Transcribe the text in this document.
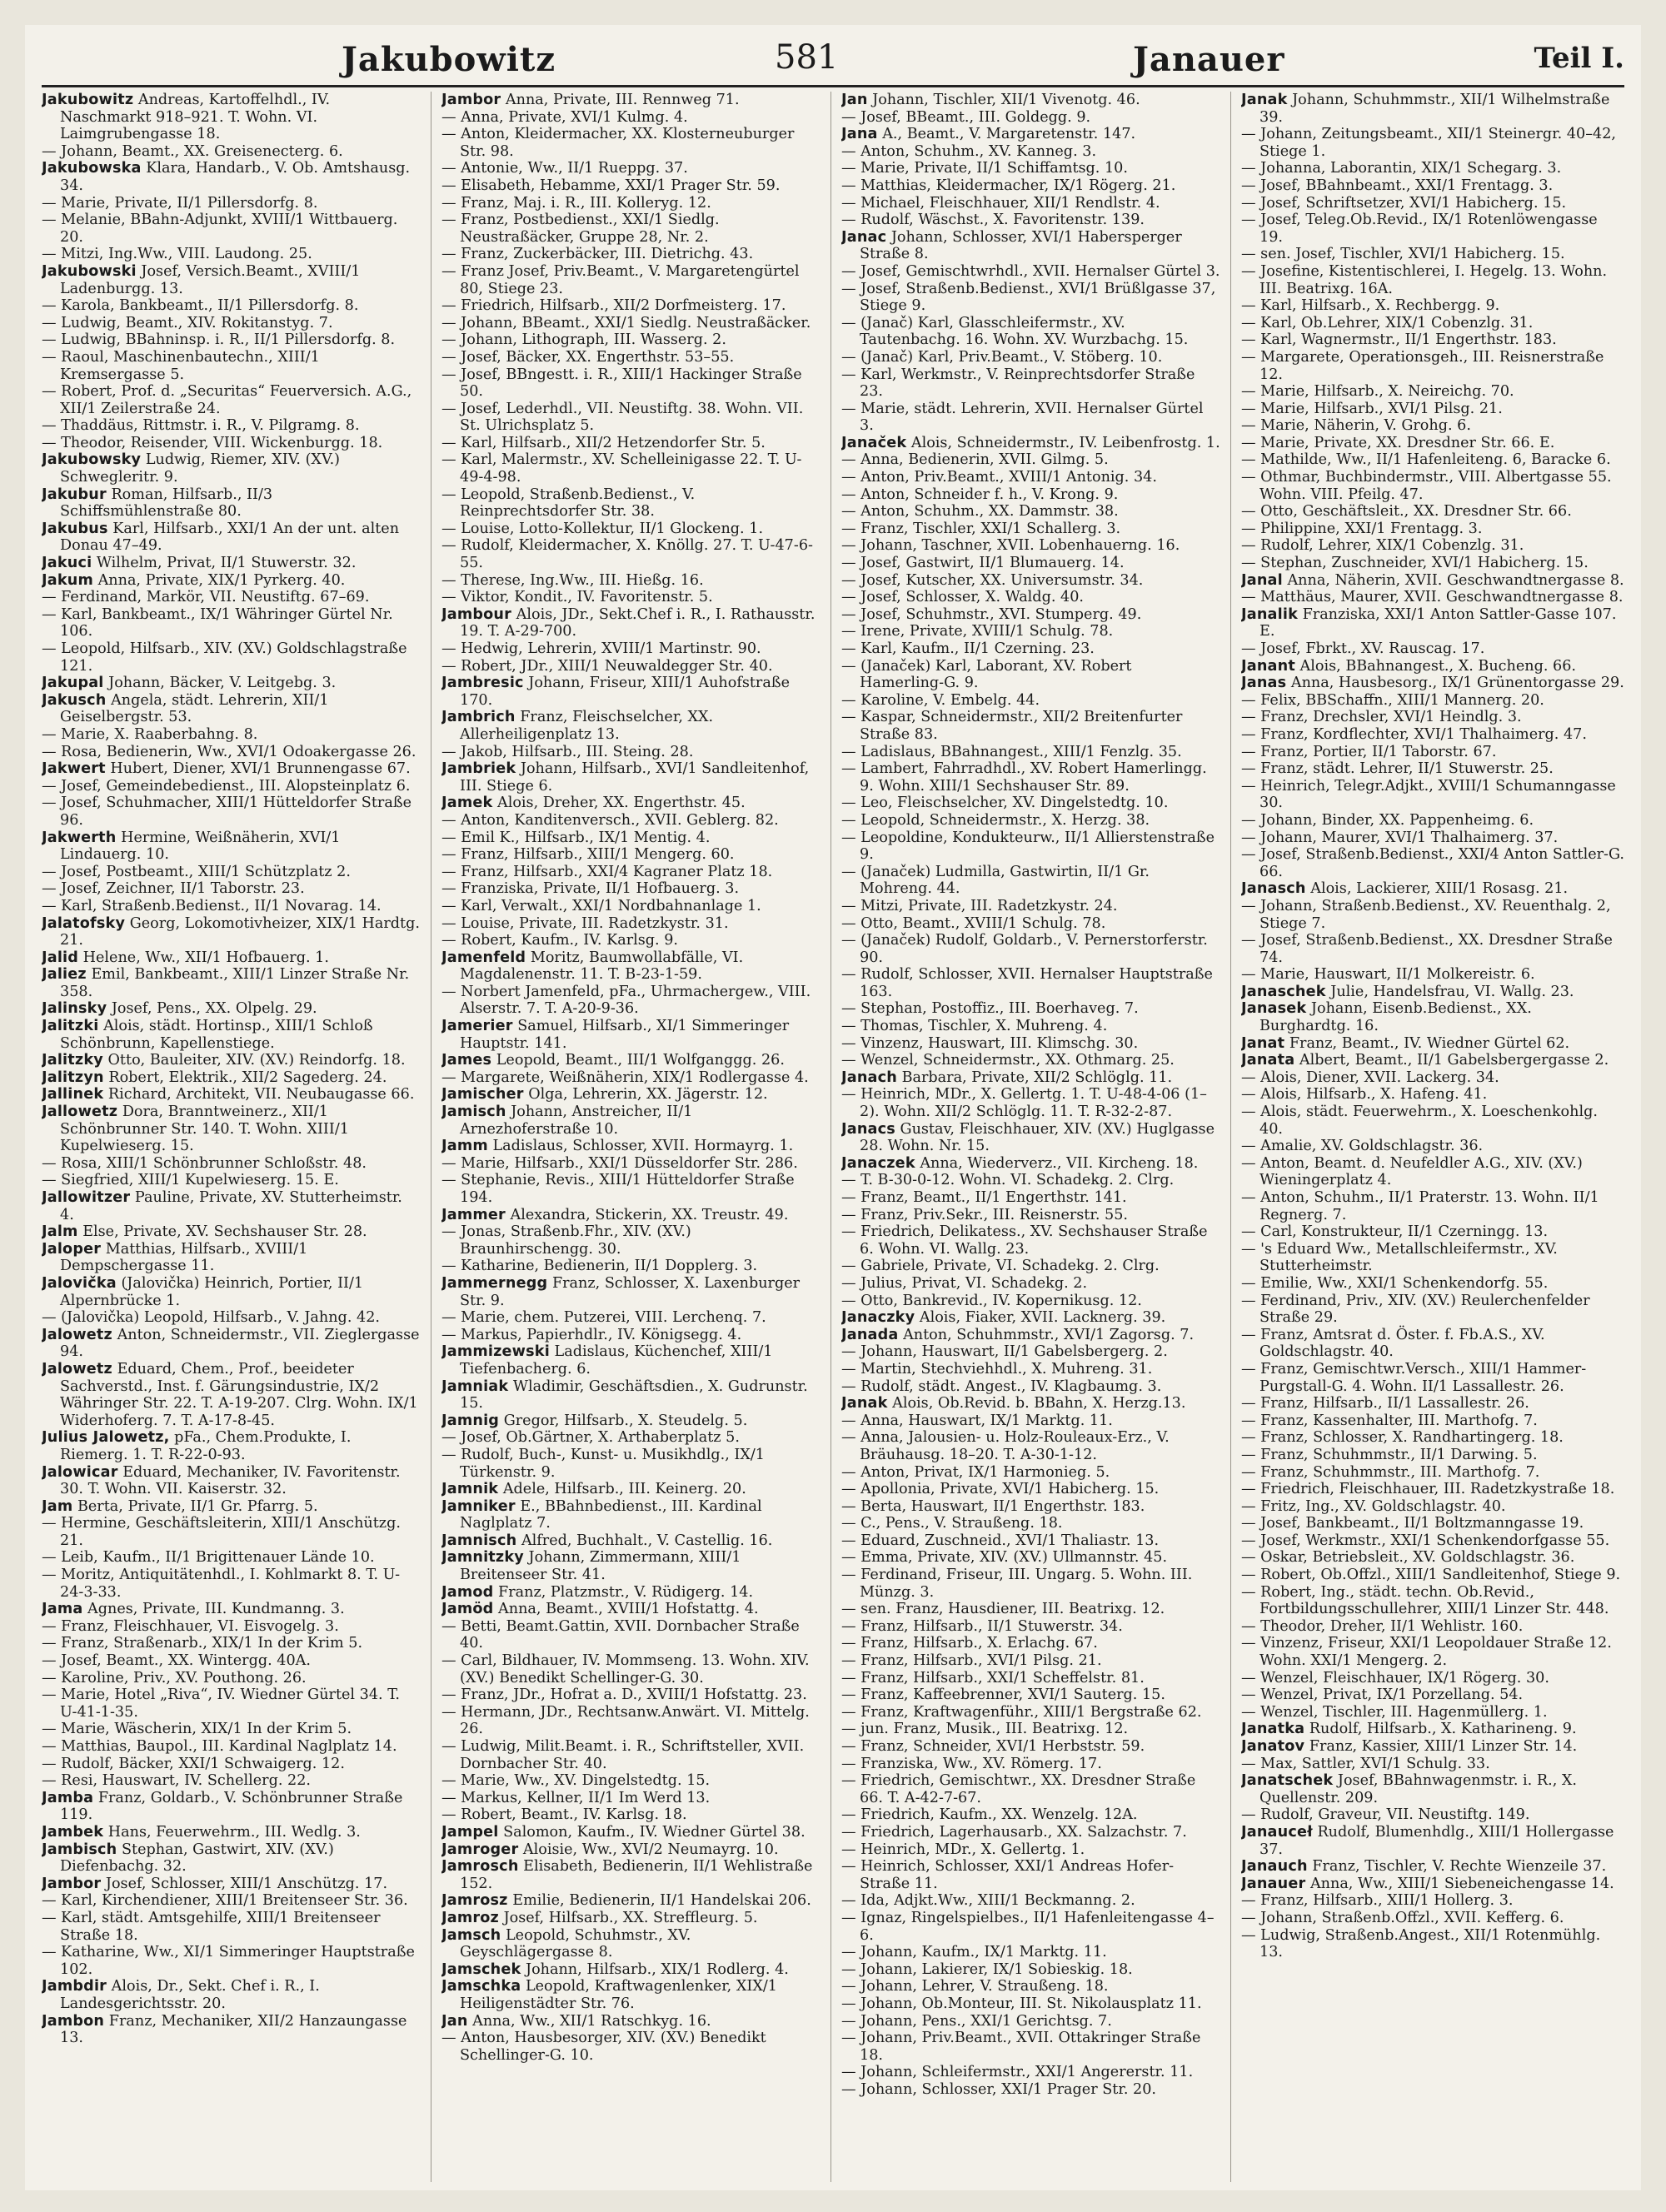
Jakubowitz	581	Janauer	Teil I.

Jakubowitz Andreas, Kartoffelhdl., IV. Naschmarkt 918–921. T. Wohn. VI. Laimgrubengasse 18.

— Johann, Beamt., XX. Greisenecterg. 6.

Jakubowska Klara, Handarb., V. Ob. Amtshausg. 34.

— Marie, Private, II/1 Pillersdorfg. 8.

— Melanie, BBahn-Adjunkt, XVIII/1 Wittbauerg. 20.

— Mitzi, Ing.Ww., VIII. Laudong. 25.

Jakubowski Josef, Versich.Beamt., XVIII/1 Ladenburgg. 13.

— Karola, Bankbeamt., II/1 Pillersdorfg. 8.

— Ludwig, Beamt., XIV. Rokitanstyg. 7.

— Ludwig, BBahninsp. i. R., II/1 Pillersdorfg. 8.

— Raoul, Maschinenbautechn., XIII/1 Kremsergasse 5.

— Robert, Prof. d. „Securitas“ Feuerversich. A.G., XII/1 Zeilerstraße 24.

— Thaddäus, Rittmstr. i. R., V. Pilgramg. 8.

— Theodor, Reisender, VIII. Wickenburgg. 18.

Jakubowsky Ludwig, Riemer, XIV. (XV.) Schwegleritr. 9.

Jakubur Roman, Hilfsarb., II/3 Schiffsmühlenstraße 80.

Jakubus Karl, Hilfsarb., XXI/1 An der unt. alten Donau 47–49.

Jakuci Wilhelm, Privat, II/1 Stuwerstr. 32.

Jakum Anna, Private, XIX/1 Pyrkerg. 40.

— Ferdinand, Markör, VII. Neustiftg. 67–69.

— Karl, Bankbeamt., IX/1 Währinger Gürtel Nr. 106.

— Leopold, Hilfsarb., XIV. (XV.) Goldschlagstraße 121.

Jakupal Johann, Bäcker, V. Leitgebg. 3.

Jakusch Angela, städt. Lehrerin, XII/1 Geiselbergstr. 53.

— Marie, X. Raaberbahng. 8.

— Rosa, Bedienerin, Ww., XVI/1 Odoakergasse 26.

Jakwert Hubert, Diener, XVI/1 Brunnengasse 67.

— Josef, Gemeindebedienst., III. Alopsteinplatz 6.

— Josef, Schuhmacher, XIII/1 Hütteldorfer Straße 96.

Jakwerth Hermine, Weißnäherin, XVI/1 Lindauerg. 10.

— Josef, Postbeamt., XIII/1 Schützplatz 2.

— Josef, Zeichner, II/1 Taborstr. 23.

— Karl, Straßenb.Bedienst., II/1 Novarag. 14.

Jalatofsky Georg, Lokomotivheizer, XIX/1 Hardtg. 21.

Jalid Helene, Ww., XII/1 Hofbauerg. 1.

Jaliez Emil, Bankbeamt., XIII/1 Linzer Straße Nr. 358.

Jalinsky Josef, Pens., XX. Olpelg. 29.

Jalitzki Alois, städt. Hortinsp., XIII/1 Schloß Schönbrunn, Kapellenstiege.

Jalitzky Otto, Bauleiter, XIV. (XV.) Reindorfg. 18.

Jalitzyn Robert, Elektrik., XII/2 Sagederg. 24.

Jallinek Richard, Architekt, VII. Neubaugasse 66.

Jallowetz Dora, Branntweinerz., XII/1 Schönbrunner Str. 140. T. Wohn. XIII/1 Kupelwieserg. 15.

— Rosa, XIII/1 Schönbrunner Schloßstr. 48.

— Siegfried, XIII/1 Kupelwieserg. 15. E.

Jallowitzer Pauline, Private, XV. Stutterheimstr. 4.

Jalm Else, Private, XV. Sechshauser Str. 28.

Jaloper Matthias, Hilfsarb., XVIII/1 Dempschergasse 11.

Jalovička (Jalovička) Heinrich, Portier, II/1 Alpernbrücke 1.

— (Jalovička) Leopold, Hilfsarb., V. Jahng. 42.

Jalowetz Anton, Schneidermstr., VII. Zieglergasse 94.

Jalowetz Eduard, Chem., Prof., beeideter Sachverstd., Inst. f. Gärungsindustrie, IX/2 Währinger Str. 22. T. A-19-207. Clrg. Wohn. IX/1 Widerhoferg. 7. T. A-17-8-45.

Julius Jalowetz, pFa., Chem.Produkte, I. Riemerg. 1. T. R-22-0-93.

Jalowicar Eduard, Mechaniker, IV. Favoritenstr. 30. T. Wohn. VII. Kaiserstr. 32.

Jam Berta, Private, II/1 Gr. Pfarrg. 5.

— Hermine, Geschäftsleiterin, XIII/1 Anschützg. 21.

— Leib, Kaufm., II/1 Brigittenauer Lände 10.

— Moritz, Antiquitätenhdl., I. Kohlmarkt 8. T. U-24-3-33.

Jama Agnes, Private, III. Kundmanng. 3.

— Franz, Fleischhauer, VI. Eisvogelg. 3.

— Franz, Straßenarb., XIX/1 In der Krim 5.

— Josef, Beamt., XX. Wintergg. 40A.

— Karoline, Priv., XV. Pouthong. 26.

— Marie, Hotel „Riva“, IV. Wiedner Gürtel 34. T. U-41-1-35.

— Marie, Wäscherin, XIX/1 In der Krim 5.

— Matthias, Baupol., III. Kardinal Naglplatz 14.

— Rudolf, Bäcker, XXI/1 Schwaigerg. 12.

— Resi, Hauswart, IV. Schellerg. 22.

Jamba Franz, Goldarb., V. Schönbrunner Straße 119.

Jambek Hans, Feuerwehrm., III. Wedlg. 3.

Jambisch Stephan, Gastwirt, XIV. (XV.) Diefenbachg. 32.

Jambor Josef, Schlosser, XIII/1 Anschützg. 17.

— Karl, Kirchendiener, XIII/1 Breitenseer Str. 36.

— Karl, städt. Amtsgehilfe, XIII/1 Breitenseer Straße 18.

— Katharine, Ww., XI/1 Simmeringer Hauptstraße 102.

Jambdir Alois, Dr., Sekt. Chef i. R., I. Landesgerichtsstr. 20.

Jambon Franz, Mechaniker, XII/2 Hanzaungasse 13.

Jambor Anna, Private, III. Rennweg 71.

— Anna, Private, XVI/1 Kulmg. 4.

— Anton, Kleidermacher, XX. Klosterneuburger Str. 98.

— Antonie, Ww., II/1 Rueppg. 37.

— Elisabeth, Hebamme, XXI/1 Prager Str. 59.

— Franz, Maj. i. R., III. Kolleryg. 12.

— Franz, Postbedienst., XXI/1 Siedlg. Neustraßäcker, Gruppe 28, Nr. 2.

— Franz, Zuckerbäcker, III. Dietrichg. 43.

— Franz Josef, Priv.Beamt., V. Margaretengürtel 80, Stiege 23.

— Friedrich, Hilfsarb., XII/2 Dorfmeisterg. 17.

— Johann, BBeamt., XXI/1 Siedlg. Neustraßäcker.

— Johann, Lithograph, III. Wasserg. 2.

— Josef, Bäcker, XX. Engerthstr. 53–55.

— Josef, BBngestt. i. R., XIII/1 Hackinger Straße 50.

— Josef, Lederhdl., VII. Neustiftg. 38. Wohn. VII. St. Ulrichsplatz 5.

— Karl, Hilfsarb., XII/2 Hetzendorfer Str. 5.

— Karl, Malermstr., XV. Schelleinigasse 22. T. U-49-4-98.

— Leopold, Straßenb.Bedienst., V. Reinprechtsdorfer Str. 38.

— Louise, Lotto-Kollektur, II/1 Glockeng. 1.

— Rudolf, Kleidermacher, X. Knöllg. 27. T. U-47-6-55.

— Therese, Ing.Ww., III. Hießg. 16.

— Viktor, Kondit., IV. Favoritenstr. 5.

Jambour Alois, JDr., Sekt.Chef i. R., I. Rathausstr. 19. T. A-29-700.

— Hedwig, Lehrerin, XVIII/1 Martinstr. 90.

— Robert, JDr., XIII/1 Neuwaldegger Str. 40.

Jambresic Johann, Friseur, XIII/1 Auhofstraße 170.

Jambrich Franz, Fleischselcher, XX. Allerheiligenplatz 13.

— Jakob, Hilfsarb., III. Steing. 28.

Jambriek Johann, Hilfsarb., XVI/1 Sandleitenhof, III. Stiege 6.

Jamek Alois, Dreher, XX. Engerthstr. 45.

— Anton, Kanditenversch., XVII. Geblerg. 82.

— Emil K., Hilfsarb., IX/1 Mentig. 4.

— Franz, Hilfsarb., XIII/1 Mengerg. 60.

— Franz, Hilfsarb., XXI/4 Kagraner Platz 18.

— Franziska, Private, II/1 Hofbauerg. 3.

— Karl, Verwalt., XXI/1 Nordbahnanlage 1.

— Louise, Private, III. Radetzkystr. 31.

— Robert, Kaufm., IV. Karlsg. 9.

Jamenfeld Moritz, Baumwollabfälle, VI. Magdalenenstr. 11. T. B-23-1-59.

— Norbert Jamenfeld, pFa., Uhrmachergew., VIII. Alserstr. 7. T. A-20-9-36.

Jamerier Samuel, Hilfsarb., XI/1 Simmeringer Hauptstr. 141.

James Leopold, Beamt., III/1 Wolfganggg. 26.

— Margarete, Weißnäherin, XIX/1 Rodlergasse 4.

Jamischer Olga, Lehrerin, XX. Jägerstr. 12.

Jamisch Johann, Anstreicher, II/1 Arnezhoferstraße 10.

Jamm Ladislaus, Schlosser, XVII. Hormayrg. 1.

— Marie, Hilfsarb., XXI/1 Düsseldorfer Str. 286.

— Stephanie, Revis., XIII/1 Hütteldorfer Straße 194.

Jammer Alexandra, Stickerin, XX. Treustr. 49.

— Jonas, Straßenb.Fhr., XIV. (XV.) Braunhirschengg. 30.

— Katharine, Bedienerin, II/1 Dopplerg. 3.

Jammernegg Franz, Schlosser, X. Laxenburger Str. 9.

— Marie, chem. Putzerei, VIII. Lerchenq. 7.

— Markus, Papierhdlr., IV. Königsegg. 4.

Jammizewski Ladislaus, Küchenchef, XIII/1 Tiefenbacherg. 6.

Jamniak Wladimir, Geschäftsdien., X. Gudrunstr. 15.

Jamnig Gregor, Hilfsarb., X. Steudelg. 5.

— Josef, Ob.Gärtner, X. Arthaberplatz 5.

— Rudolf, Buch-, Kunst- u. Musikhdlg., IX/1 Türkenstr. 9.

Jamnik Adele, Hilfsarb., III. Keinerg. 20.

Jamniker E., BBahnbedienst., III. Kardinal Naglplatz 7.

Jamnisch Alfred, Buchhalt., V. Castellig. 16.

Jamnitzky Johann, Zimmermann, XIII/1 Breitenseer Str. 41.

Jamod Franz, Platzmstr., V. Rüdigerg. 14.

Jamöd Anna, Beamt., XVIII/1 Hofstattg. 4.

— Betti, Beamt.Gattin, XVII. Dornbacher Straße 40.

— Carl, Bildhauer, IV. Mommseng. 13. Wohn. XIV. (XV.) Benedikt Schellinger-G. 30.

— Franz, JDr., Hofrat a. D., XVIII/1 Hofstattg. 23.

— Hermann, JDr., Rechtsanw.Anwärt. VI. Mittelg. 26.

— Ludwig, Milit.Beamt. i. R., Schriftsteller, XVII. Dornbacher Str. 40.

— Marie, Ww., XV. Dingelstedtg. 15.

— Markus, Kellner, II/1 Im Werd 13.

— Robert, Beamt., IV. Karlsg. 18.

Jampel Salomon, Kaufm., IV. Wiedner Gürtel 38.

Jamroger Aloisie, Ww., XVI/2 Neumayrg. 10.

Jamrosch Elisabeth, Bedienerin, II/1 Wehlistraße 152.

Jamrosz Emilie, Bedienerin, II/1 Handelskai 206.

Jamroz Josef, Hilfsarb., XX. Streffleurg. 5.

Jamsch Leopold, Schuhmstr., XV. Geyschlägergasse 8.

Jamschek Johann, Hilfsarb., XIX/1 Rodlerg. 4.

Jamschka Leopold, Kraftwagenlenker, XIX/1 Heiligenstädter Str. 76.

Jan Anna, Ww., XII/1 Ratschkyg. 16.

— Anton, Hausbesorger, XIV. (XV.) Benedikt Schellinger-G. 10.

Jan Johann, Tischler, XII/1 Vivenotg. 46.

— Josef, BBeamt., III. Goldegg. 9.

Jana A., Beamt., V. Margaretenstr. 147.

— Anton, Schuhm., XV. Kanneg. 3.

— Marie, Private, II/1 Schiffamtsg. 10.

— Matthias, Kleidermacher, IX/1 Rögerg. 21.

— Michael, Fleischhauer, XII/1 Rendlstr. 4.

— Rudolf, Wäschst., X. Favoritenstr. 139.

Janac Johann, Schlosser, XVI/1 Habersperger Straße 8.

— Josef, Gemischtwrhdl., XVII. Hernalser Gürtel 3.

— Josef, Straßenb.Bedienst., XVI/1 Brüßlgasse 37, Stiege 9.

— (Janač) Karl, Glasschleifermstr., XV. Tautenbachg. 16. Wohn. XV. Wurzbachg. 15.

— (Janač) Karl, Priv.Beamt., V. Stöberg. 10.

— Karl, Werkmstr., V. Reinprechtsdorfer Straße 23.

— Marie, städt. Lehrerin, XVII. Hernalser Gürtel 3.

Janaček Alois, Schneidermstr., IV. Leibenfrostg. 1.

— Anna, Bedienerin, XVII. Gilmg. 5.

— Anton, Priv.Beamt., XVIII/1 Antonig. 34.

— Anton, Schneider f. h., V. Krong. 9.

— Anton, Schuhm., XX. Dammstr. 38.

— Franz, Tischler, XXI/1 Schallerg. 3.

— Johann, Taschner, XVII. Lobenhauerng. 16.

— Josef, Gastwirt, II/1 Blumauerg. 14.

— Josef, Kutscher, XX. Universumstr. 34.

— Josef, Schlosser, X. Waldg. 40.

— Josef, Schuhmstr., XVI. Stumperg. 49.

— Irene, Private, XVIII/1 Schulg. 78.

— Karl, Kaufm., II/1 Czerning. 23.

— (Janaček) Karl, Laborant, XV. Robert Hamerling-G. 9.

— Karoline, V. Embelg. 44.

— Kaspar, Schneidermstr., XII/2 Breitenfurter Straße 83.

— Ladislaus, BBahnangest., XIII/1 Fenzlg. 35.

— Lambert, Fahrradhdl., XV. Robert Hamerlingg. 9. Wohn. XIII/1 Sechshauser Str. 89.

— Leo, Fleischselcher, XV. Dingelstedtg. 10.

— Leopold, Schneidermstr., X. Herzg. 38.

— Leopoldine, Kondukteurw., II/1 Allierstenstraße 9.

— (Janaček) Ludmilla, Gastwirtin, II/1 Gr. Mohreng. 44.

— Mitzi, Private, III. Radetzkystr. 24.

— Otto, Beamt., XVIII/1 Schulg. 78.

— (Janaček) Rudolf, Goldarb., V. Pernerstorferstr. 90.

— Rudolf, Schlosser, XVII. Hernalser Hauptstraße 163.

— Stephan, Postoffiz., III. Boerhaveg. 7.

— Thomas, Tischler, X. Muhreng. 4.

— Vinzenz, Hauswart, III. Klimschg. 30.

— Wenzel, Schneidermstr., XX. Othmarg. 25.

Janach Barbara, Private, XII/2 Schlöglg. 11.

— Heinrich, MDr., X. Gellertg. 1. T. U-48-4-06 (1–2). Wohn. XII/2 Schlöglg. 11. T. R-32-2-87.

Janacs Gustav, Fleischhauer, XIV. (XV.) Huglgasse 28. Wohn. Nr. 15.

Janaczek Anna, Wiederverz., VII. Kircheng. 18.

— T. B-30-0-12. Wohn. VI. Schadekg. 2. Clrg.

— Franz, Beamt., II/1 Engerthstr. 141.

— Franz, Priv.Sekr., III. Reisnerstr. 55.

— Friedrich, Delikatess., XV. Sechshauser Straße 6. Wohn. VI. Wallg. 23.

— Gabriele, Private, VI. Schadekg. 2. Clrg.

— Julius, Privat, VI. Schadekg. 2.

— Otto, Bankrevid., IV. Kopernikusg. 12.

Janaczky Alois, Fiaker, XVII. Lacknerg. 39.

Janada Anton, Schuhmmstr., XVI/1 Zagorsg. 7.

— Johann, Hauswart, II/1 Gabelsbergerg. 2.

— Martin, Stechviehhdl., X. Muhreng. 31.

— Rudolf, städt. Angest., IV. Klagbaumg. 3.

Janak Alois, Ob.Revid. b. BBahn, X. Herzg.13.

— Anna, Hauswart, IX/1 Marktg. 11.

— Anna, Jalousien- u. Holz-Rouleaux-Erz., V. Bräuhausg. 18–20. T. A-30-1-12.

— Anton, Privat, IX/1 Harmonieg. 5.

— Apollonia, Private, XVI/1 Habicherg. 15.

— Berta, Hauswart, II/1 Engerthstr. 183.

— C., Pens., V. Straußeng. 18.

— Eduard, Zuschneid., XVI/1 Thaliastr. 13.

— Emma, Private, XIV. (XV.) Ullmannstr. 45.

— Ferdinand, Friseur, III. Ungarg. 5. Wohn. III. Münzg. 3.

— sen. Franz, Hausdiener, III. Beatrixg. 12.

— Franz, Hilfsarb., II/1 Stuwerstr. 34.

— Franz, Hilfsarb., X. Erlachg. 67.

— Franz, Hilfsarb., XVI/1 Pilsg. 21.

— Franz, Hilfsarb., XXI/1 Scheffelstr. 81.

— Franz, Kaffeebrenner, XVI/1 Sauterg. 15.

— Franz, Kraftwagenführ., XIII/1 Bergstraße 62.

— jun. Franz, Musik., III. Beatrixg. 12.

— Franz, Schneider, XVI/1 Herbststr. 59.

— Franziska, Ww., XV. Römerg. 17.

— Friedrich, Gemischtwr., XX. Dresdner Straße 66. T. A-42-7-67.

— Friedrich, Kaufm., XX. Wenzelg. 12A.

— Friedrich, Lagerhausarb., XX. Salzachstr. 7.

— Heinrich, MDr., X. Gellertg. 1.

— Heinrich, Schlosser, XXI/1 Andreas Hofer-Straße 11.

— Ida, Adjkt.Ww., XIII/1 Beckmanng. 2.

— Ignaz, Ringelspielbes., II/1 Hafenleitengasse 4–6.

— Johann, Kaufm., IX/1 Marktg. 11.

— Johann, Lakierer, IX/1 Sobieskig. 18.

— Johann, Lehrer, V. Straußeng. 18.

— Johann, Ob.Monteur, III. St. Nikolausplatz 11.

— Johann, Pens., XXI/1 Gerichtsg. 7.

— Johann, Priv.Beamt., XVII. Ottakringer Straße 18.

— Johann, Schleifermstr., XXI/1 Angererstr. 11.

— Johann, Schlosser, XXI/1 Prager Str. 20.

Janak Johann, Schuhmmstr., XII/1 Wilhelmstraße 39.

— Johann, Zeitungsbeamt., XII/1 Steinergr. 40–42, Stiege 1.

— Johanna, Laborantin, XIX/1 Schegarg. 3.

— Josef, BBahnbeamt., XXI/1 Frentagg. 3.

— Josef, Schriftsetzer, XVI/1 Habicherg. 15.

— Josef, Teleg.Ob.Revid., IX/1 Rotenlöwengasse 19.

— sen. Josef, Tischler, XVI/1 Habicherg. 15.

— Josefine, Kistentischlerei, I. Hegelg. 13. Wohn. III. Beatrixg. 16A.

— Karl, Hilfsarb., X. Rechbergg. 9.

— Karl, Ob.Lehrer, XIX/1 Cobenzlg. 31.

— Karl, Wagnermstr., II/1 Engerthstr. 183.

— Margarete, Operationsgeh., III. Reisnerstraße 12.

— Marie, Hilfsarb., X. Neireichg. 70.

— Marie, Hilfsarb., XVI/1 Pilsg. 21.

— Marie, Näherin, V. Grohg. 6.

— Marie, Private, XX. Dresdner Str. 66. E.

— Mathilde, Ww., II/1 Hafenleiteng. 6, Baracke 6.

— Othmar, Buchbindermstr., VIII. Albertgasse 55. Wohn. VIII. Pfeilg. 47.

— Otto, Geschäftsleit., XX. Dresdner Str. 66.

— Philippine, XXI/1 Frentagg. 3.

— Rudolf, Lehrer, XIX/1 Cobenzlg. 31.

— Stephan, Zuschneider, XVI/1 Habicherg. 15.

Janal Anna, Näherin, XVII. Geschwandtnergasse 8.

— Matthäus, Maurer, XVII. Geschwandtnergasse 8.

Janalik Franziska, XXI/1 Anton Sattler-Gasse 107. E.

— Josef, Fbrkt., XV. Rauscag. 17.

Janant Alois, BBahnangest., X. Bucheng. 66.

Janas Anna, Hausbesorg., IX/1 Grünentorgasse 29.

— Felix, BBSchaffn., XIII/1 Mannerg. 20.

— Franz, Drechsler, XVI/1 Heindlg. 3.

— Franz, Kordflechter, XVI/1 Thalhaimerg. 47.

— Franz, Portier, II/1 Taborstr. 67.

— Franz, städt. Lehrer, II/1 Stuwerstr. 25.

— Heinrich, Telegr.Adjkt., XVIII/1 Schumanngasse 30.

— Johann, Binder, XX. Pappenheimg. 6.

— Johann, Maurer, XVI/1 Thalhaimerg. 37.

— Josef, Straßenb.Bedienst., XXI/4 Anton Sattler-G. 66.

Janasch Alois, Lackierer, XIII/1 Rosasg. 21.

— Johann, Straßenb.Bedienst., XV. Reuenthalg. 2, Stiege 7.

— Josef, Straßenb.Bedienst., XX. Dresdner Straße 74.

— Marie, Hauswart, II/1 Molkereistr. 6.

Janaschek Julie, Handelsfrau, VI. Wallg. 23.

Janasek Johann, Eisenb.Bedienst., XX. Burghardtg. 16.

Janat Franz, Beamt., IV. Wiedner Gürtel 62.

Janata Albert, Beamt., II/1 Gabelsbergergasse 2.

— Alois, Diener, XVII. Lackerg. 34.

— Alois, Hilfsarb., X. Hafeng. 41.

— Alois, städt. Feuerwehrm., X. Loeschenkohlg. 40.

— Amalie, XV. Goldschlagstr. 36.

— Anton, Beamt. d. Neufeldler A.G., XIV. (XV.) Wieningerplatz 4.

— Anton, Schuhm., II/1 Praterstr. 13. Wohn. II/1 Regnerg. 7.

— Carl, Konstrukteur, II/1 Czerningg. 13.

— 's Eduard Ww., Metallschleifermstr., XV. Stutterheimstr.

— Emilie, Ww., XXI/1 Schenkendorfg. 55.

— Ferdinand, Priv., XIV. (XV.) Reulerchenfelder Straße 29.

— Franz, Amtsrat d. Öster. f. Fb.A.S., XV. Goldschlagstr. 40.

— Franz, Gemischtwr.Versch., XIII/1 Hammer-Purgstall-G. 4. Wohn. II/1 Lassallestr. 26.

— Franz, Hilfsarb., II/1 Lassallestr. 26.

— Franz, Kassenhalter, III. Marthofg. 7.

— Franz, Schlosser, X. Randhartingerg. 18.

— Franz, Schuhmmstr., II/1 Darwing. 5.

— Franz, Schuhmmstr., III. Marthofg. 7.

— Friedrich, Fleischhauer, III. Radetzkystraße 18.

— Fritz, Ing., XV. Goldschlagstr. 40.

— Josef, Bankbeamt., II/1 Boltzmanngasse 19.

— Josef, Werkmstr., XXI/1 Schenkendorfgasse 55.

— Oskar, Betriebsleit., XV. Goldschlagstr. 36.

— Robert, Ob.Offzl., XIII/1 Sandleitenhof, Stiege 9.

— Robert, Ing., städt. techn. Ob.Revid., Fortbildungsschullehrer, XIII/1 Linzer Str. 448.

— Theodor, Dreher, II/1 Wehlistr. 160.

— Vinzenz, Friseur, XXI/1 Leopoldauer Straße 12. Wohn. XXI/1 Mengerg. 2.

— Wenzel, Fleischhauer, IX/1 Rögerg. 30.

— Wenzel, Privat, IX/1 Porzellang. 54.

— Wenzel, Tischler, III. Hagenmüllerg. 1.

Janatka Rudolf, Hilfsarb., X. Katharineng. 9.

Janatov Franz, Kassier, XIII/1 Linzer Str. 14.

— Max, Sattler, XVI/1 Schulg. 33.

Janatschek Josef, BBahnwagenmstr. i. R., X. Quellenstr. 209.

— Rudolf, Graveur, VII. Neustiftg. 149.

Janauceł Rudolf, Blumenhdlg., XIII/1 Hollergasse 37.

Janauch Franz, Tischler, V. Rechte Wienzeile 37.

Janauer Anna, Ww., XIII/1 Siebeneichengasse 14.

— Franz, Hilfsarb., XIII/1 Hollerg. 3.

— Johann, Straßenb.Offzl., XVII. Kefferg. 6.

— Ludwig, Straßenb.Angest., XII/1 Rotenmühlg. 13.
